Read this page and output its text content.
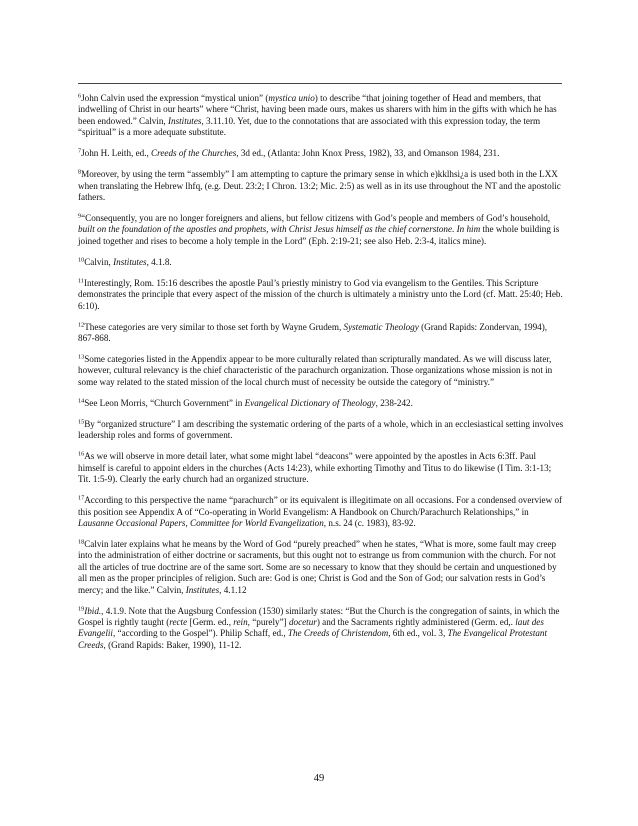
$^6$John Calvin used the expression “mystical union” (mystica unio) to describe “that joining together of Head and members, that indwelling of Christ in our hearts” where “Christ, having been made ours, makes us sharers with him in the gifts with which he has been endowed.” Calvin, Institutes, 3.11.10. Yet, due to the connotations that are associated with this expression today, the term “spiritual” is a more adequate substitute.

$^7$John H. Leith, ed., Creeds of the Churches, 3d ed., (Atlanta: John Knox Press, 1982), 33, and Omanson 1984, 231.

$^8$Moreover, by using the term “assembly” I am attempting to capture the primary sense in which e)kklhsi¿a is used both in the LXX when translating the Hebrew lhfq, (e.g. Deut. 23:2; I Chron. 13:2; Mic. 2:5) as well as in its use throughout the NT and the apostolic fathers.

$^9$“Consequently, you are no longer foreigners and aliens, but fellow citizens with God’s people and members of God’s household, built on the foundation of the apostles and prophets, with Christ Jesus himself as the chief cornerstone. In him the whole building is joined together and rises to become a holy temple in the Lord” (Eph. 2:19-21; see also Heb. 2:3-4, italics mine).

$^{10}$Calvin, Institutes, 4.1.8.

$^{11}$Interestingly, Rom. 15:16 describes the apostle Paul’s priestly ministry to God via evangelism to the Gentiles. This Scripture demonstrates the principle that every aspect of the mission of the church is ultimately a ministry unto the Lord (cf. Matt. 25:40; Heb. 6:10).

$^{12}$These categories are very similar to those set forth by Wayne Grudem, Systematic Theology (Grand Rapids: Zondervan, 1994), 867-868.

$^{13}$Some categories listed in the Appendix appear to be more culturally related than scripturally mandated. As we will discuss later, however, cultural relevancy is the chief characteristic of the parachurch organization. Those organizations whose mission is not in some way related to the stated mission of the local church must of necessity be outside the category of “ministry.”

$^{14}$See Leon Morris, “Church Government” in Evangelical Dictionary of Theology, 238-242.

$^{15}$By “organized structure” I am describing the systematic ordering of the parts of a whole, which in an ecclesiastical setting involves leadership roles and forms of government.

$^{16}$As we will observe in more detail later, what some might label “deacons” were appointed by the apostles in Acts 6:3ff. Paul himself is careful to appoint elders in the churches (Acts 14:23), while exhorting Timothy and Titus to do likewise (I Tim. 3:1-13; Tit. 1:5-9). Clearly the early church had an organized structure.

$^{17}$According to this perspective the name “parachurch” or its equivalent is illegitimate on all occasions. For a condensed overview of this position see Appendix A of “Co-operating in World Evangelism: A Handbook on Church/Parachurch Relationships,” in Lausanne Occasional Papers, Committee for World Evangelization, n.s. 24 (c. 1983), 83-92.

$^{18}$Calvin later explains what he means by the Word of God “purely preached” when he states, “What is more, some fault may creep into the administration of either doctrine or sacraments, but this ought not to estrange us from communion with the church. For not all the articles of true doctrine are of the same sort. Some are so necessary to know that they should be certain and unquestioned by all men as the proper principles of religion. Such are: God is one; Christ is God and the Son of God; our salvation rests in God’s mercy; and the like.” Calvin, Institutes, 4.1.12

$^{19}$Ibid., 4.1.9. Note that the Augsburg Confession (1530) similarly states: “But the Church is the congregation of saints, in which the Gospel is rightly taught (recte [Germ. ed., rein, “purely”] docetur) and the Sacraments rightly administered (Germ. ed,. laut des Evangelii, “according to the Gospel”). Philip Schaff, ed., The Creeds of Christendom, 6th ed., vol. 3, The Evangelical Protestant Creeds, (Grand Rapids: Baker, 1990), 11-12.

49
